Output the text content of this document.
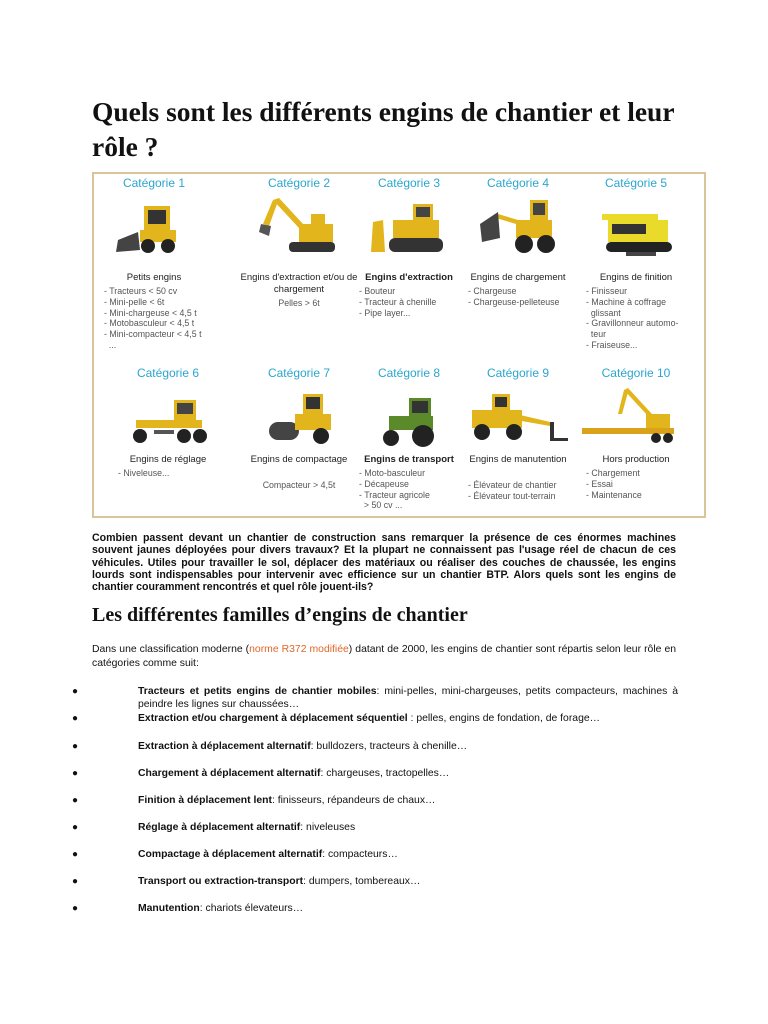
Quels sont les différents engins de chantier et leur rôle ?
Catégorie 1
Petits engins
- Tracteurs < 50 cv
- Mini-pelle < 6t
- Mini-chargeuse < 4,5 t
- Motobasculeur < 4,5 t
- Mini-compacteur < 4,5 t
...
Catégorie 2
Engins d'extraction et/ou de chargement
Pelles > 6t
Catégorie 3
Engins d'extraction
- Bouteur
- Tracteur à chenille
- Pipe layer...
Catégorie 4
Engins de chargement
- Chargeuse
- Chargeuse-pelleteuse
Catégorie 5
Engins de finition
- Finisseur
- Machine à coffrage
glissant
- Gravillonneur automo-
teur
- Fraiseuse...
Catégorie 6
Engins de réglage
- Niveleuse...
Catégorie 7
Engins de compactage
Compacteur > 4,5t
Catégorie 8
Engins de transport
- Moto-basculeur
- Décapeuse
- Tracteur agricole
> 50 cv ...
Catégorie 9
Engins de manutention
- Élévateur de chantier
- Élévateur tout-terrain
Catégorie 10
Hors production
- Chargement
- Essai
- Maintenance

Combien passent devant un chantier de construction sans remarquer la présence de ces énormes machines souvent jaunes déployées pour divers travaux? Et la plupart ne connaissent pas l'usage réel de chacun de ces véhicules. Utiles pour travailler le sol, déplacer des matériaux ou réaliser des couches de chaussée, les engins lourds sont indispensables pour intervenir avec efficience sur un chantier BTP. Alors quels sont les engins de chantier couramment rencontrés et quel rôle jouent-ils?

Les différentes familles d’engins de chantier

Dans une classification moderne (norme R372 modifiée) datant de 2000, les engins de chantier sont répartis selon leur rôle en catégories comme suit:

●	Tracteurs et petits engins de chantier mobiles: mini-pelles, mini-chargeuses, petits compacteurs, machines à peindre les lignes sur chaussées…
●	Extraction et/ou chargement à déplacement séquentiel : pelles, engins de fondation, de forage…
●	Extraction à déplacement alternatif: bulldozers, tracteurs à chenille…
●	Chargement à déplacement alternatif: chargeuses, tractopelles…
●	Finition à déplacement lent: finisseurs, répandeurs de chaux…
●	Réglage à déplacement alternatif: niveleuses
●	Compactage à déplacement alternatif: compacteurs…
●	Transport ou extraction-transport: dumpers, tombereaux…
●	Manutention: chariots élevateurs…
